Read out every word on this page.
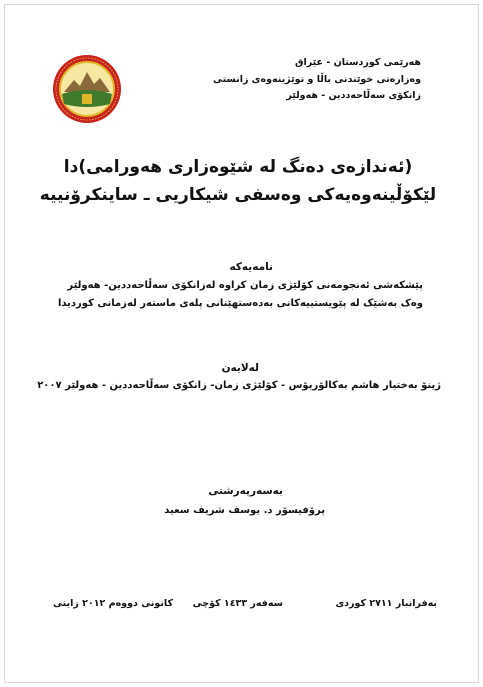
هەرێمی کوردستان - عێراق
وەزارەتی خوێندنی باڵا و توێژینەوەی زانستی
زانکۆی سەڵاحەددین - هەولێر
(ئەندازەی دەنگ لە شێوەزاری هەورامی)دا
لێکۆڵینەوەیەکی وەسفی شیکاریی ـ ساینکرۆنییە
نامەیەکە
پێشکەشی ئەنجومەنی کۆلێژی زمان کراوە لەزانکۆی سەڵاحەددین- هەولێر
وەک بەشێک لە پێویستییەکانی بەدەستهێنانی پلەی ماستەر لەزمانی کوردیدا
لەلایەن
ژینۆ بەختیار هاشم بەکالۆریۆس - کۆلێژی زمان- زانکۆی سەڵاحەددین - هەولێر ٢٠٠٧
بەسەرپەرشتی
پرۆفیسۆر د. یوسف شریف سعید
بەفرانبار ٢٧١١ کوردی
سەفەر ١٤٣٣ کۆچی
کانونی دووەم ٢٠١٢ زاینی
